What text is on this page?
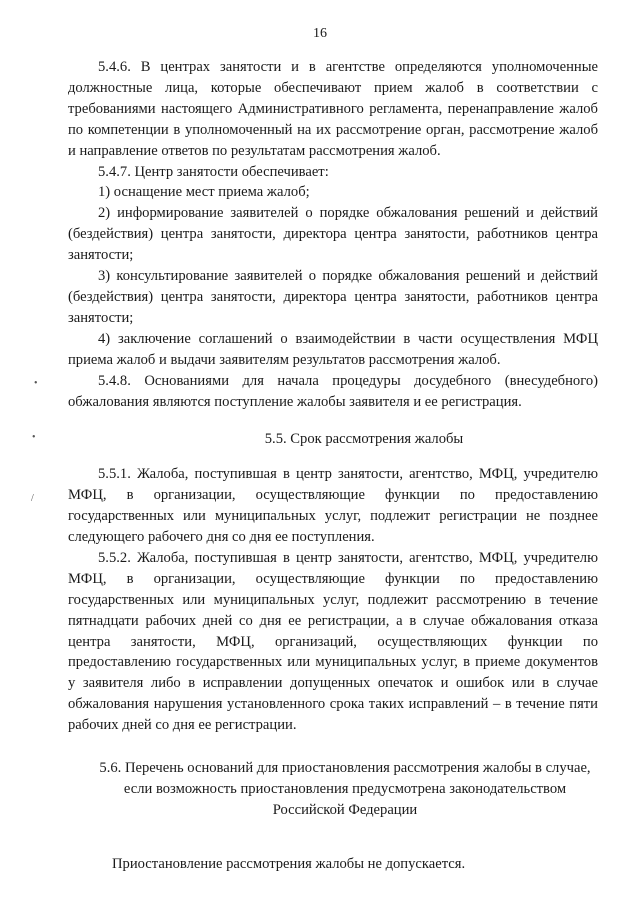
16

5.4.6. В центрах занятости и в агентстве определяются уполномоченные должностные лица, которые обеспечивают прием жалоб в соответствии с требованиями настоящего Административного регламента, перенаправление жалоб по компетенции в уполномоченный на их рассмотрение орган, рассмотрение жалоб и направление ответов по результатам рассмотрения жалоб.

5.4.7. Центр занятости обеспечивает:

1) оснащение мест приема жалоб;

2) информирование заявителей о порядке обжалования решений и действий (бездействия) центра занятости, директора центра занятости, работников центра занятости;

3) консультирование заявителей о порядке обжалования решений и действий (бездействия) центра занятости, директора центра занятости, работников центра занятости;

4) заключение соглашений о взаимодействии в части осуществления МФЦ приема жалоб и выдачи заявителям результатов рассмотрения жалоб.

5.4.8. Основаниями для начала процедуры досудебного (внесудебного) обжалования являются поступление жалобы заявителя и ее регистрация.

5.5. Срок рассмотрения жалобы

5.5.1. Жалоба, поступившая в центр занятости, агентство, МФЦ, учредителю МФЦ, в организации, осуществляющие функции по предоставлению государственных или муниципальных услуг, подлежит регистрации не позднее следующего рабочего дня со дня ее поступления.

5.5.2. Жалоба, поступившая в центр занятости, агентство, МФЦ, учредителю МФЦ, в организации, осуществляющие функции по предоставлению государственных или муниципальных услуг, подлежит рассмотрению в течение пятнадцати рабочих дней со дня ее регистрации, а в случае обжалования отказа центра занятости, МФЦ, организаций, осуществляющих функции по предоставлению государственных или муниципальных услуг, в приеме документов у заявителя либо в исправлении допущенных опечаток и ошибок или в случае обжалования нарушения установленного срока таких исправлений – в течение пяти рабочих дней со дня ее регистрации.

5.6. Перечень оснований для приостановления рассмотрения жалобы в случае, если возможность приостановления предусмотрена законодательством Российской Федерации

Приостановление рассмотрения жалобы не допускается.

•
•
/
